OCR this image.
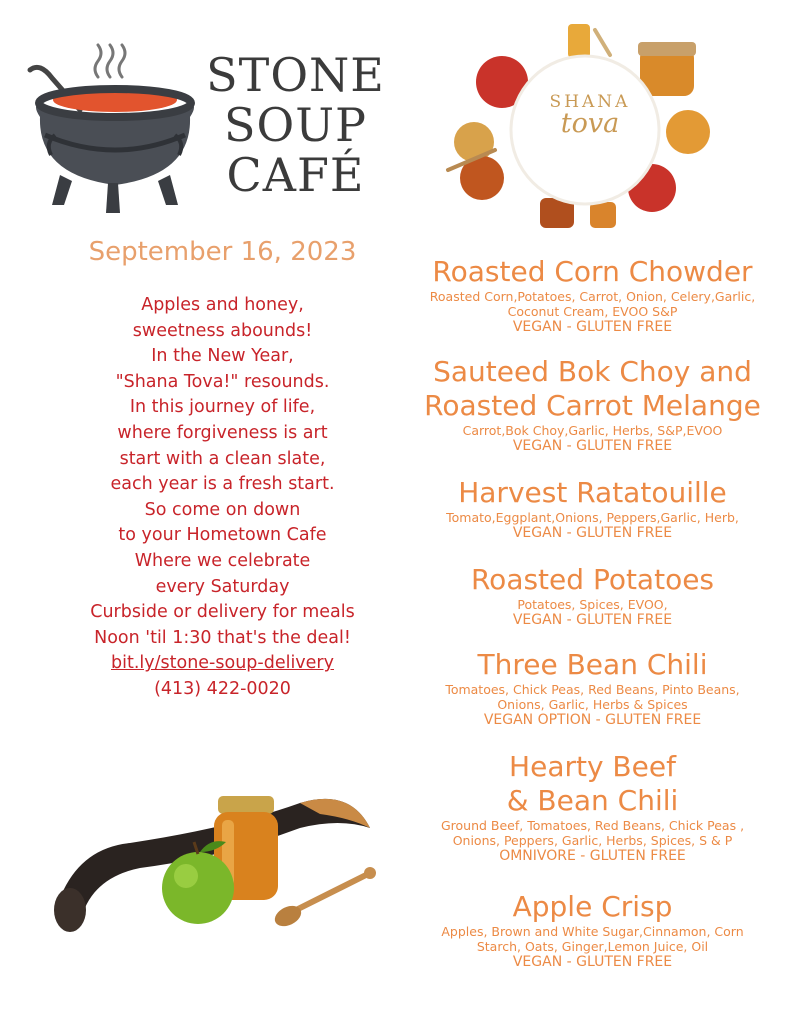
STONE
SOUP
CAFÉ
SHANA
tova
September 16, 2023
Apples and honey,
sweetness abounds!
In the New Year,
"Shana Tova!" resounds.
In this journey of life,
where forgiveness is art
start with a clean slate,
each year is a fresh start.
So come on down
to your Hometown Cafe
Where we celebrate
every Saturday
Curbside or delivery for meals
Noon 'til 1:30 that's the deal!
bit.ly/stone-soup-delivery
(413) 422-0020
Roasted Corn Chowder
Roasted Corn,Potatoes, Carrot, Onion, Celery,Garlic,
Coconut Cream, EVOO S&P
VEGAN - GLUTEN FREE
Sauteed Bok Choy and
Roasted Carrot Melange
Carrot,Bok Choy,Garlic, Herbs, S&P,EVOO
VEGAN - GLUTEN FREE
Harvest Ratatouille
Tomato,Eggplant,Onions, Peppers,Garlic, Herb,
VEGAN - GLUTEN FREE
Roasted Potatoes
Potatoes, Spices, EVOO,
VEGAN - GLUTEN FREE
Three Bean Chili
Tomatoes, Chick Peas, Red Beans, Pinto Beans,
Onions, Garlic, Herbs & Spices
VEGAN OPTION - GLUTEN FREE
Hearty Beef
& Bean Chili
Ground Beef, Tomatoes, Red Beans, Chick Peas ,
Onions, Peppers, Garlic, Herbs, Spices, S & P
OMNIVORE - GLUTEN FREE
Apple Crisp
Apples, Brown and White Sugar,Cinnamon, Corn
Starch, Oats, Ginger,Lemon Juice, Oil
VEGAN - GLUTEN FREE
